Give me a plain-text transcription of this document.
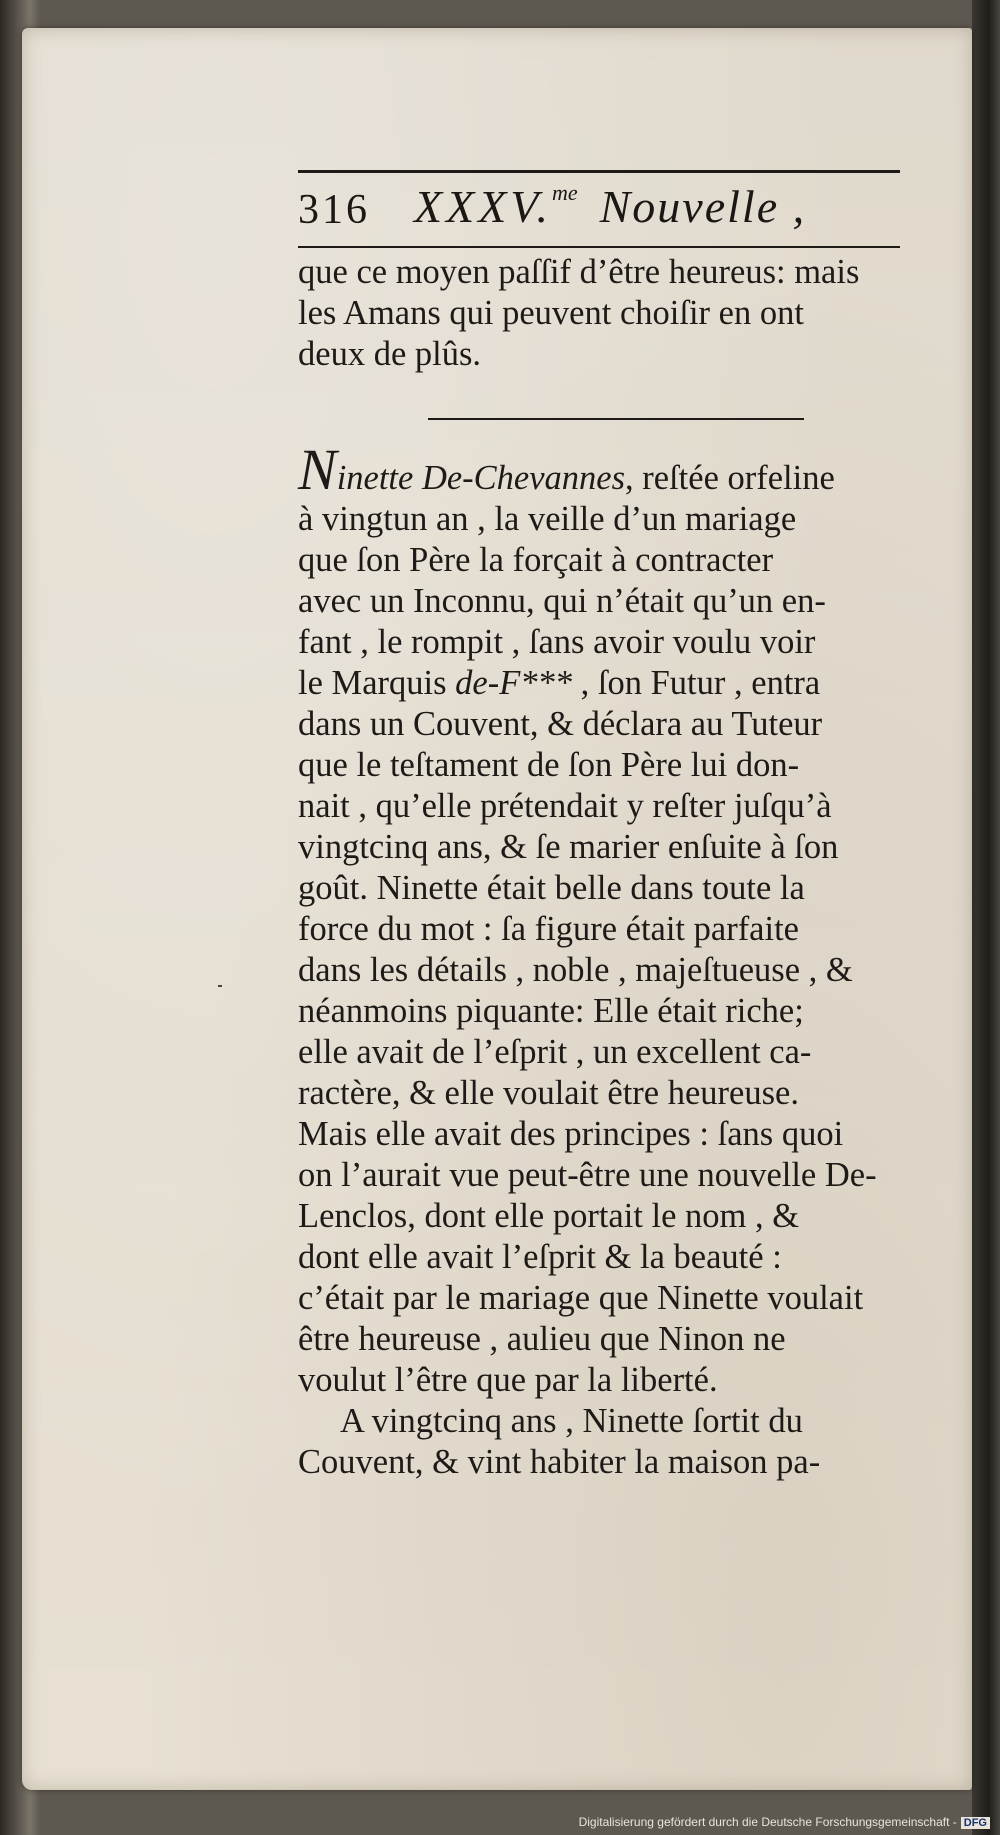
316 XXXV.$^{me}$ Nouvelle ,
que ce moyen paſſif d’être heureus: mais
les Amans qui peuvent choiſir en ont
deux de plûs.
Ninette De-Chevannes, reſtée orfeline
à vingtun an , la veille d’un mariage
que ſon Père la forçait à contracter
avec un Inconnu, qui n’était qu’un en-
fant , le rompit , ſans avoir voulu voir
le Marquis de-F*** , ſon Futur , entra
dans un Couvent, & déclara au Tuteur
que le teſtament de ſon Père lui don-
nait , qu’elle prétendait y reſter juſqu’à
vingtcinq ans, & ſe marier enſuite à ſon
goût. Ninette était belle dans toute la
force du mot : ſa figure était parfaite
dans les détails , noble , majeſtueuse , &
néanmoins piquante: Elle était riche;
elle avait de l’eſprit , un excellent ca-
ractère, & elle voulait être heureuse.
Mais elle avait des principes : ſans quoi
on l’aurait vue peut-être une nouvelle De-
Lenclos, dont elle portait le nom , &
dont elle avait l’eſprit & la beauté :
c’était par le mariage que Ninette voulait
être heureuse , aulieu que Ninon ne
voulut l’être que par la liberté.
A vingtcinq ans , Ninette ſortit du
Couvent, & vint habiter la maison pa-
Digitalisierung gefördert durch die Deutsche Forschungsgemeinschaft - DFG
